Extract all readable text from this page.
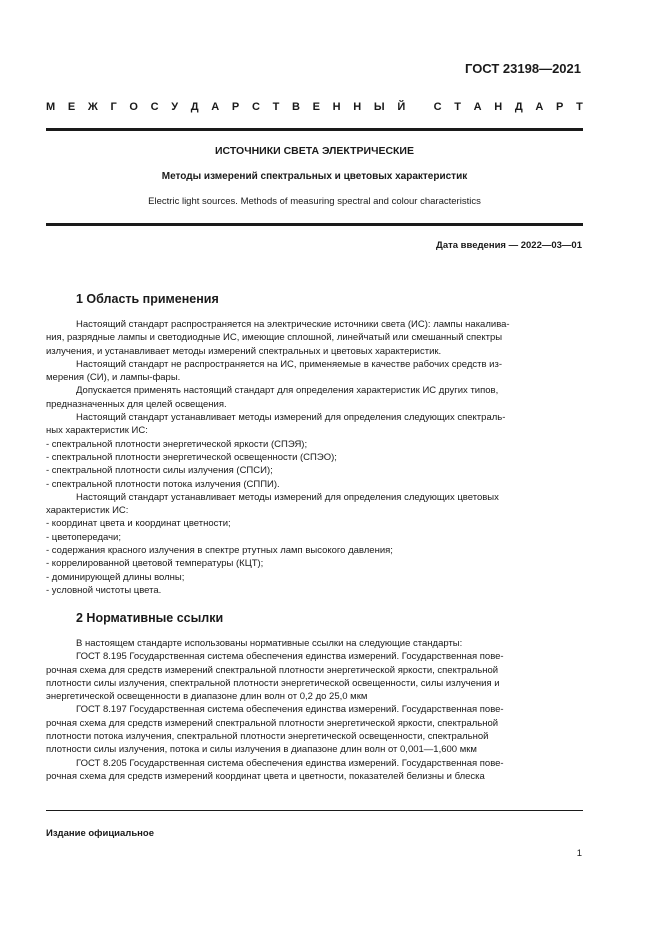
ГОСТ 23198—2021
М Е Ж Г О С У Д А Р С Т В Е Н Н Ы Й
	С Т А Н Д А Р Т
ИСТОЧНИКИ СВЕТА ЭЛЕКТРИЧЕСКИЕ
Методы измерений спектральных и цветовых характеристик
Electric light sources. Methods of measuring spectral and colour characteristics
Дата введения — 2022—03—01
1 Область применения
Настоящий стандарт распространяется на электрические источники света (ИС): лампы накалива-
ния, разрядные лампы и светодиодные ИС, имеющие сплошной, линейчатый или смешанный спектры
излучения, и устанавливает методы измерений спектральных и цветовых характеристик.
Настоящий стандарт не распространяется на ИС, применяемые в качестве рабочих средств из-
мерения (СИ), и лампы-фары.
Допускается применять настоящий стандарт для определения характеристик ИС других типов,
предназначенных для целей освещения.
Настоящий стандарт устанавливает методы измерений для определения следующих спектраль-
ных характеристик ИС:
- спектральной плотности энергетической яркости (СПЭЯ);
- спектральной плотности энергетической освещенности (СПЭО);
- спектральной плотности силы излучения (СПСИ);
- спектральной плотности потока излучения (СППИ).
Настоящий стандарт устанавливает методы измерений для определения следующих цветовых
характеристик ИС:
- координат цвета и координат цветности;
- цветопередачи;
- содержания красного излучения в спектре ртутных ламп высокого давления;
- коррелированной цветовой температуры (КЦТ);
- доминирующей длины волны;
- условной чистоты цвета.
2 Нормативные ссылки
В настоящем стандарте использованы нормативные ссылки на следующие стандарты:
ГОСТ 8.195 Государственная система обеспечения единства измерений. Государственная пове-
рочная схема для средств измерений спектральной плотности энергетической яркости, спектральной
плотности силы излучения, спектральной плотности энергетической освещенности, силы излучения и
энергетической освещенности в диапазоне длин волн от 0,2 до 25,0 мкм
ГОСТ 8.197 Государственная система обеспечения единства измерений. Государственная пове-
рочная схема для средств измерений спектральной плотности энергетической яркости, спектральной
плотности потока излучения, спектральной плотности энергетической освещенности, спектральной
плотности силы излучения, потока и силы излучения в диапазоне длин волн от 0,001—1,600 мкм
ГОСТ 8.205 Государственная система обеспечения единства измерений. Государственная пове-
рочная схема для средств измерений координат цвета и цветности, показателей белизны и блеска
Издание официальное
1
